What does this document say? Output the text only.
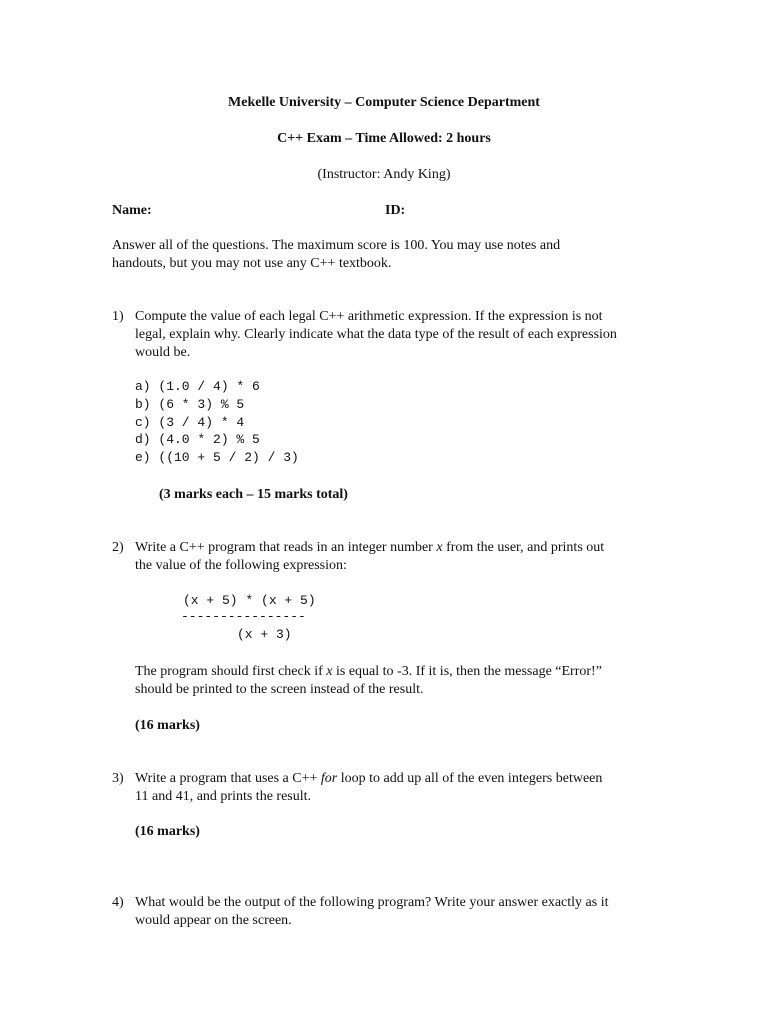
Mekelle University – Computer Science Department
C++ Exam – Time Allowed: 2 hours
(Instructor: Andy King)
Name:	ID:
Answer all of the questions. The maximum score is 100. You may use notes and
handouts, but you may not use any C++ textbook.
1) Compute the value of each legal C++ arithmetic expression. If the expression is not
legal, explain why. Clearly indicate what the data type of the result of each expression
would be.
a) (1.0 / 4) * 6
b) (6 * 3) % 5
c) (3 / 4) * 4
d) (4.0 * 2) % 5
e) ((10 + 5 / 2) / 3)
(3 marks each – 15 marks total)
2) Write a C++ program that reads in an integer number x from the user, and prints out
the value of the following expression:
(x + 5) * (x + 5)
----------------
(x + 3)
The program should first check if x is equal to -3. If it is, then the message “Error!”
should be printed to the screen instead of the result.
(16 marks)
3) Write a program that uses a C++ for loop to add up all of the even integers between
11 and 41, and prints the result.
(16 marks)
4) What would be the output of the following program? Write your answer exactly as it
would appear on the screen.
